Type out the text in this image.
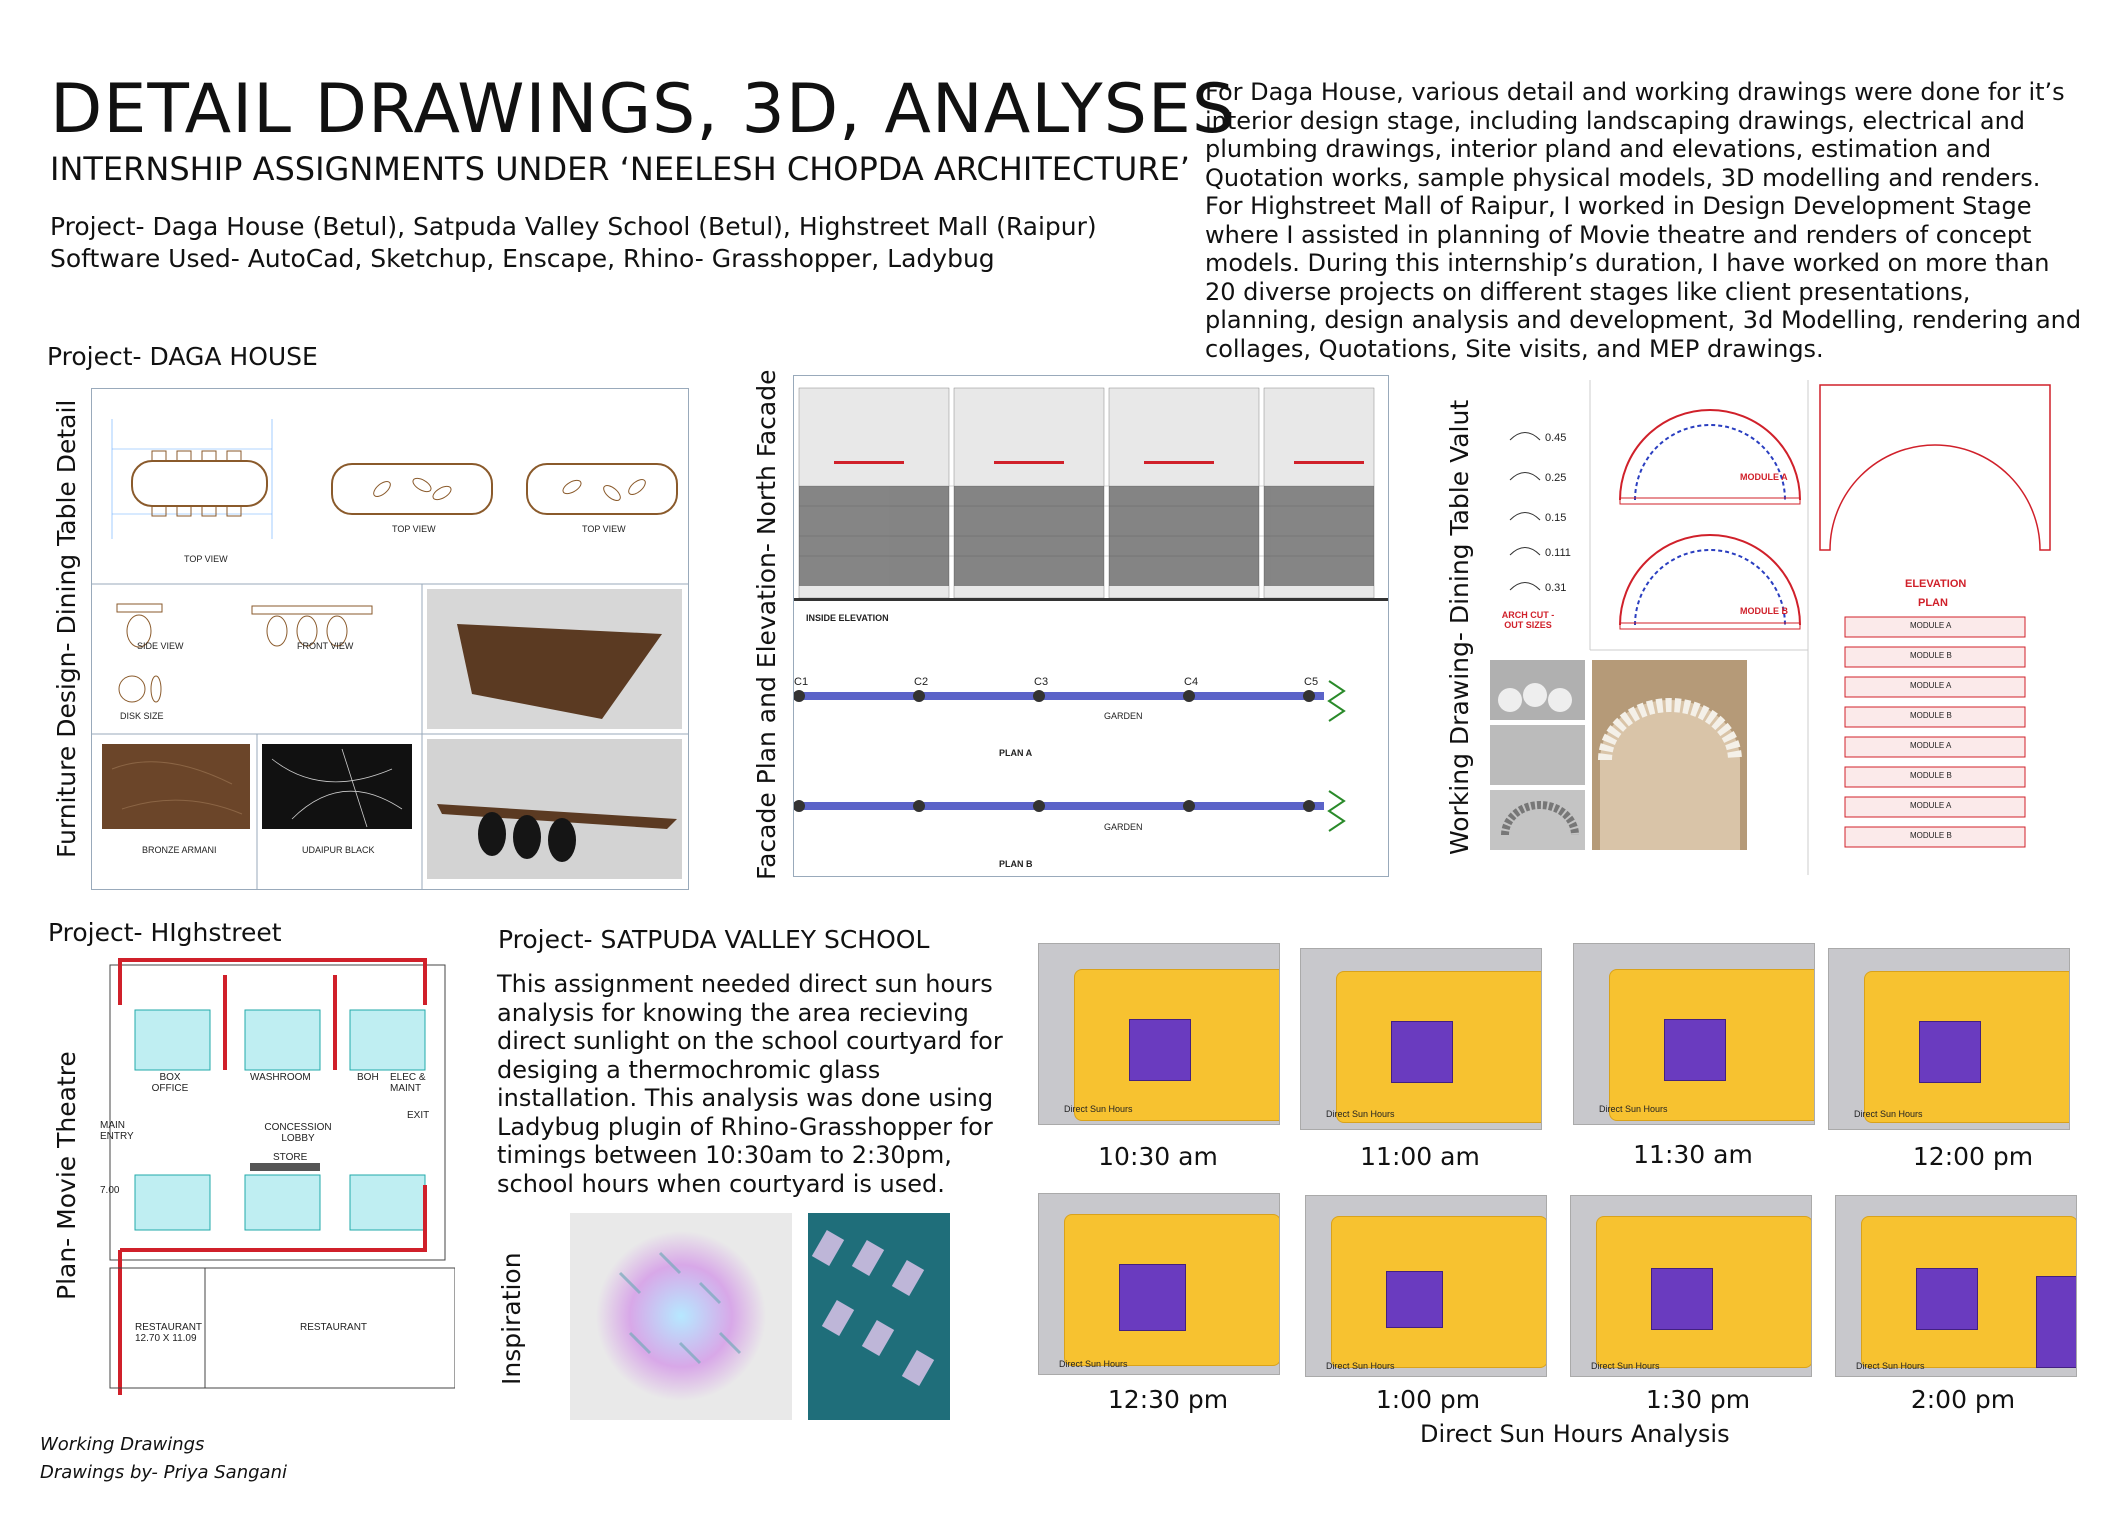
DETAIL DRAWINGS, 3D, ANALYSES
INTERNSHIP ASSIGNMENTS UNDER ‘NEELESH CHOPDA ARCHITECTURE’
Project- Daga House (Betul), Satpuda Valley School (Betul), Highstreet Mall (Raipur)
Software Used- AutoCad, Sketchup, Enscape, Rhino- Grasshopper, Ladybug
For Daga House, various detail and working drawings were done for it’s interior design stage, including landscaping drawings, electrical and plumbing drawings, interior pland and elevations, estimation and Quotation works, sample physical models, 3D modelling and renders. For Highstreet Mall of Raipur, I worked in Design Development Stage where I assisted in planning of Movie theatre and renders of concept models. During this internship’s duration, I have worked on more than 20 diverse projects on different stages like client presentations, planning, design analysis and development, 3d Modelling, rendering and collages, Quotations, Site visits, and MEP drawings.
Project- DAGA HOUSE
Furniture Design- Dining Table Detail	TOP VIEW
TOP VIEW	TOP VIEW
SIDE VIEW	FRONT VIEW
DISK SIZE
BRONZE ARMANI	UDAIPUR BLACK	Facade Plan and Elevation- North Facade	INSIDE ELEVATION
GARDEN
PLAN A
GARDEN
PLAN B
C1	C2	C3	C4	C5	Working Drawing- Dining Table Valut	MODULE A
MODULE B
ARCH CUT -OUT SIZES
0.45
0.25
0.15
0.111
0.31	ELEVATION
PLAN
MODULE A
MODULE B
MODULE A
MODULE B
MODULE A
MODULE B
MODULE A
MODULE B
Project- HIghstreet
Plan- Movie Theatre	BOX OFFICE
WASHROOM	BOH ELEC & MAINT
EXIT
MAIN ENTRY
CONCESSION LOBBY
STORE
7.00
RESTAURANT 12.70 X 11.09
RESTAURANT
Project- SATPUDA VALLEY SCHOOL
This assignment needed direct sun hours analysis for knowing the area recieving direct sunlight on the school courtyard for desiging a thermochromic glass installation. This analysis was done using Ladybug plugin of Rhino-Grasshopper for timings between 10:30am to 2:30pm, school hours when courtyard is used.
Inspiration
Direct Sun Hours
10:30 am
Direct Sun Hours
11:00 am
Direct Sun Hours
11:30 am
Direct Sun Hours
12:00 pm
Direct Sun Hours
12:30 pm
Direct Sun Hours
1:00 pm
Direct Sun Hours
1:30 pm
Direct Sun Hours
2:00 pm
Direct Sun Hours Analysis
Working Drawings
Drawings by- Priya Sangani
